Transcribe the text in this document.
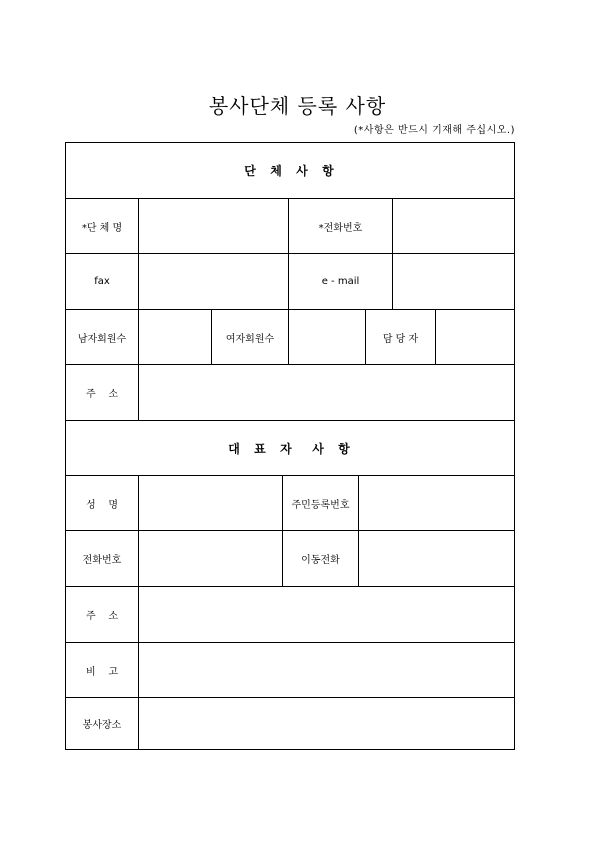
봉사단체 등록 사항
(*사항은 반드시 기재해 주십시오.)
단  체  사  항
*단 체 명	*전화번호
fax	e - mail
남자회원수	여자회원수	담 당 자
주    소
대  표  자   사  항
성    명	주민등록번호
전화번호	이동전화
주    소
비    고
봉사장소
